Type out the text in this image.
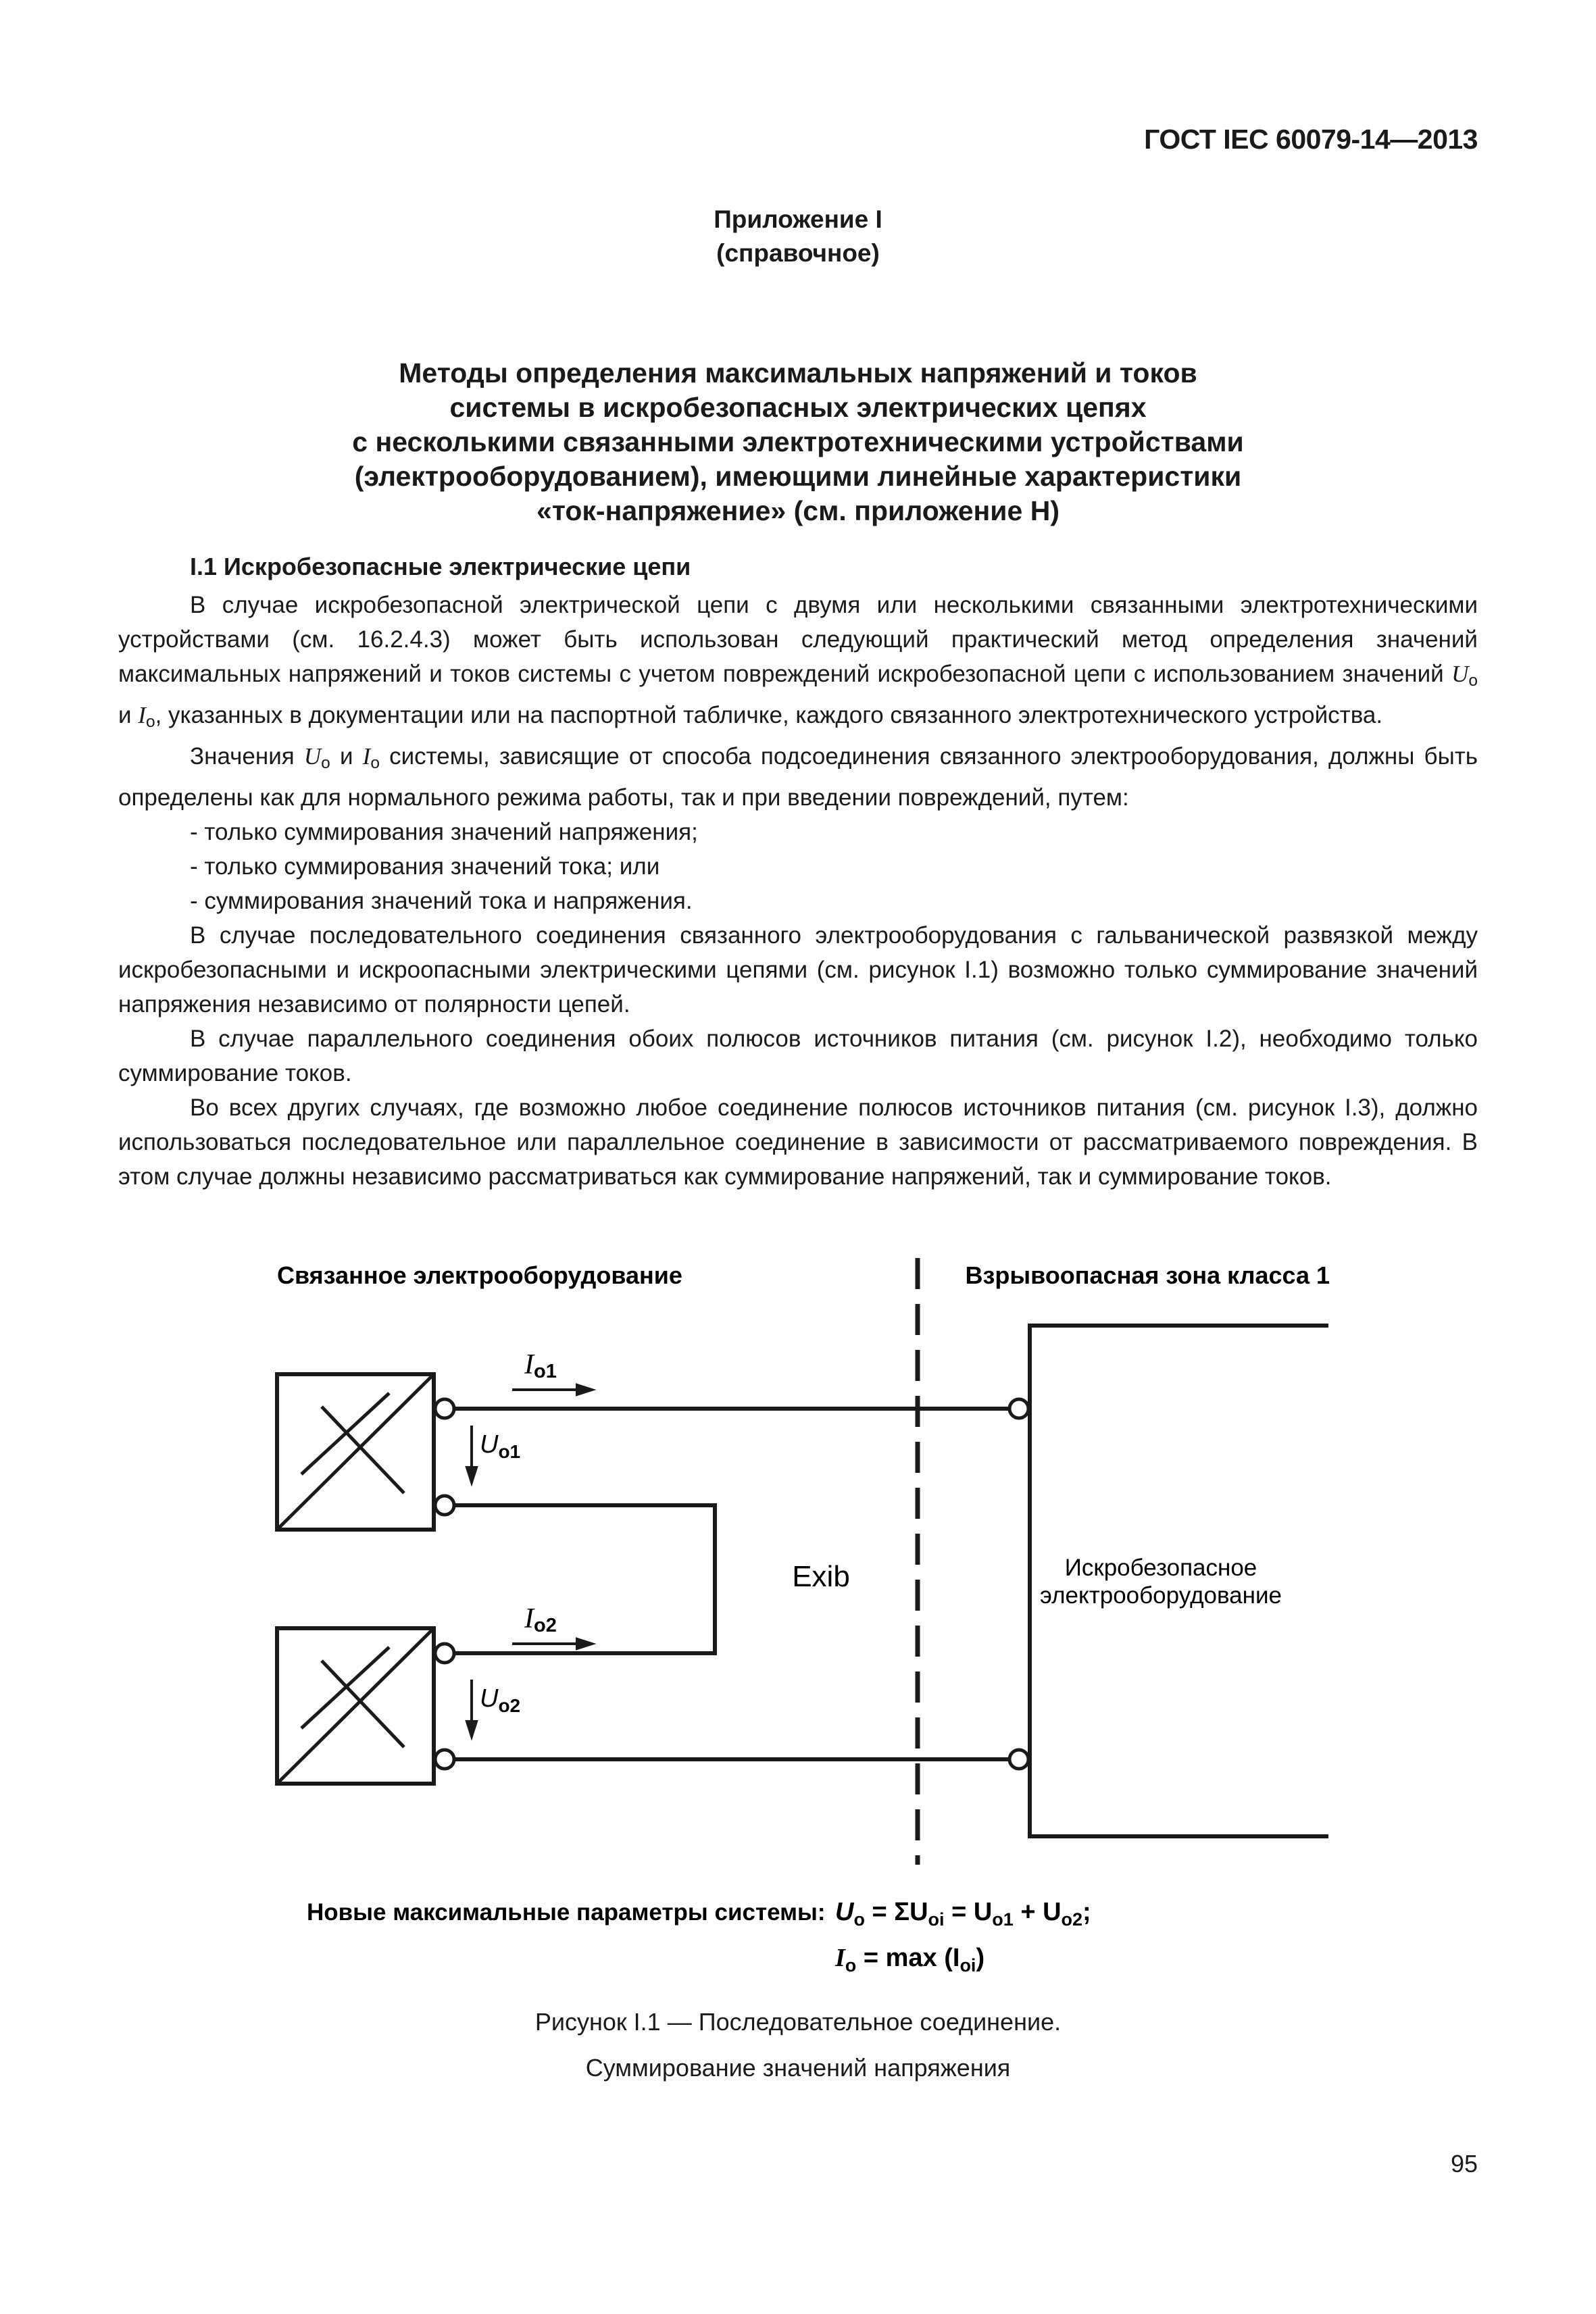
ГОСТ IEC 60079-14—2013
Приложение I
(справочное)
Методы определения максимальных напряжений и токов
системы в искробезопасных электрических цепях
с несколькими связанными электротехническими устройствами
(электрооборудованием), имеющими линейные характеристики
«ток-напряжение» (см. приложение H)
I.1 Искробезопасные электрические цепи

В случае искробезопасной электрической цепи с двумя или несколькими связанными электротехническими устройствами (см. 16.2.4.3) может быть использован следующий практический метод определения значений максимальных напряжений и токов системы с учетом повреждений искробезопасной цепи с использованием значений $U_o$ и $I_o$, указанных в документации или на паспортной табличке, каждого связанного электротехнического устройства.

Значения $U_o$ и $I_o$ системы, зависящие от способа подсоединения связанного электрооборудования, должны быть определены как для нормального режима работы, так и при введении повреждений, путем:

- только суммирования значений напряжения;

- только суммирования значений тока; или

- суммирования значений тока и напряжения.

В случае последовательного соединения связанного электрооборудования с гальванической развязкой между искробезопасными и искроопасными электрическими цепями (см. рисунок I.1) возможно только суммирование значений напряжения независимо от полярности цепей.

В случае параллельного соединения обоих полюсов источников питания (см. рисунок I.2), необходимо только суммирование токов.

Во всех других случаях, где возможно любое соединение полюсов источников питания (см. рисунок I.3), должно использоваться последовательное или параллельное соединение в зависимости от рассматриваемого повреждения. В этом случае должны независимо рассматриваться как суммирование напряжений, так и суммирование токов.

Связанное электрооборудование	Взрывоопасная зона класса 1
Искробезопасное
электрооборудование
Exib
Io1
Io2
$U_{o1}$
$U_{o2}$
Новые максимальные параметры системы: $U_o = \Sigma U_{oi} = U_{o1} + U_{o2}$;
$I_o = \max (I_{oi})$
Рисунок I.1 — Последовательное соединение.
Суммирование значений напряжения
95
